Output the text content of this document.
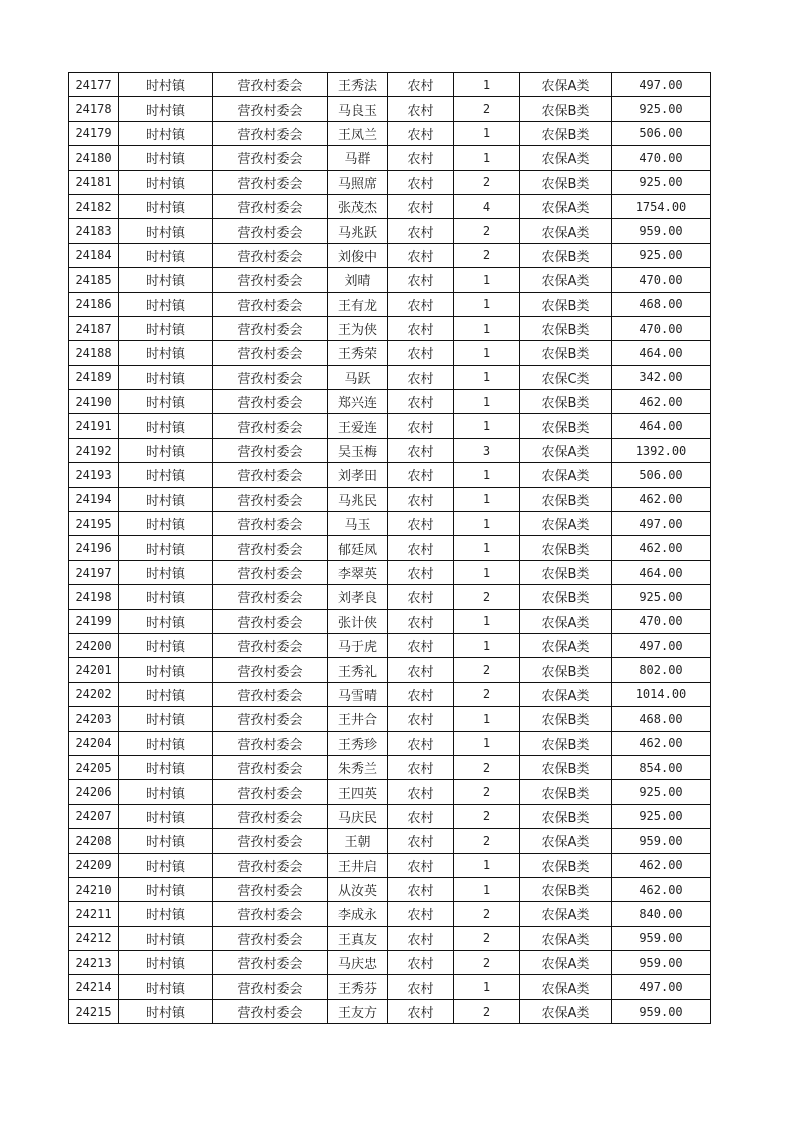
24177	时村镇	营孜村委会	王秀法	农村	1	农保A类	497.00
24178	时村镇	营孜村委会	马良玉	农村	2	农保B类	925.00
24179	时村镇	营孜村委会	王凤兰	农村	1	农保B类	506.00
24180	时村镇	营孜村委会	马群	农村	1	农保A类	470.00
24181	时村镇	营孜村委会	马照席	农村	2	农保B类	925.00
24182	时村镇	营孜村委会	张茂杰	农村	4	农保A类	1754.00
24183	时村镇	营孜村委会	马兆跃	农村	2	农保A类	959.00
24184	时村镇	营孜村委会	刘俊中	农村	2	农保B类	925.00
24185	时村镇	营孜村委会	刘晴	农村	1	农保A类	470.00
24186	时村镇	营孜村委会	王有龙	农村	1	农保B类	468.00
24187	时村镇	营孜村委会	王为侠	农村	1	农保B类	470.00
24188	时村镇	营孜村委会	王秀荣	农村	1	农保B类	464.00
24189	时村镇	营孜村委会	马跃	农村	1	农保C类	342.00
24190	时村镇	营孜村委会	郑兴连	农村	1	农保B类	462.00
24191	时村镇	营孜村委会	王爱连	农村	1	农保B类	464.00
24192	时村镇	营孜村委会	吴玉梅	农村	3	农保A类	1392.00
24193	时村镇	营孜村委会	刘孝田	农村	1	农保A类	506.00
24194	时村镇	营孜村委会	马兆民	农村	1	农保B类	462.00
24195	时村镇	营孜村委会	马玉	农村	1	农保A类	497.00
24196	时村镇	营孜村委会	郁廷凤	农村	1	农保B类	462.00
24197	时村镇	营孜村委会	李翠英	农村	1	农保B类	464.00
24198	时村镇	营孜村委会	刘孝良	农村	2	农保B类	925.00
24199	时村镇	营孜村委会	张计侠	农村	1	农保A类	470.00
24200	时村镇	营孜村委会	马于虎	农村	1	农保A类	497.00
24201	时村镇	营孜村委会	王秀礼	农村	2	农保B类	802.00
24202	时村镇	营孜村委会	马雪晴	农村	2	农保A类	1014.00
24203	时村镇	营孜村委会	王井合	农村	1	农保B类	468.00
24204	时村镇	营孜村委会	王秀珍	农村	1	农保B类	462.00
24205	时村镇	营孜村委会	朱秀兰	农村	2	农保B类	854.00
24206	时村镇	营孜村委会	王四英	农村	2	农保B类	925.00
24207	时村镇	营孜村委会	马庆民	农村	2	农保B类	925.00
24208	时村镇	营孜村委会	王朝	农村	2	农保A类	959.00
24209	时村镇	营孜村委会	王井启	农村	1	农保B类	462.00
24210	时村镇	营孜村委会	从汝英	农村	1	农保B类	462.00
24211	时村镇	营孜村委会	李成永	农村	2	农保A类	840.00
24212	时村镇	营孜村委会	王真友	农村	2	农保A类	959.00
24213	时村镇	营孜村委会	马庆忠	农村	2	农保A类	959.00
24214	时村镇	营孜村委会	王秀芬	农村	1	农保A类	497.00
24215	时村镇	营孜村委会	王友方	农村	2	农保A类	959.00
